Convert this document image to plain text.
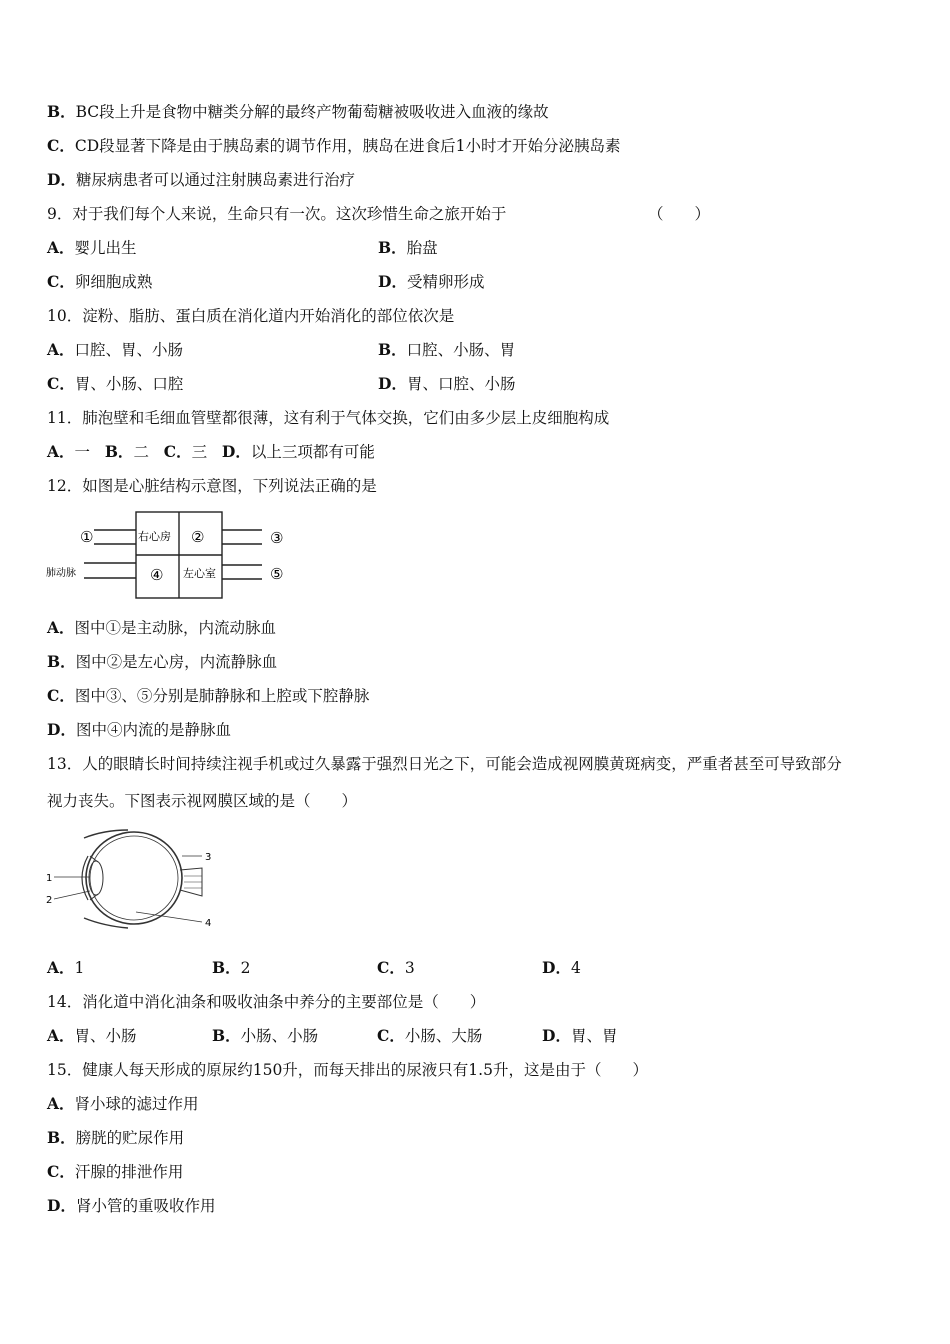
B．BC段上升是食物中糖类分解的最终产物葡萄糖被吸收进入血液的缘故
C．CD段显著下降是由于胰岛素的调节作用，胰岛在进食后1小时才开始分泌胰岛素
D．糖尿病患者可以通过注射胰岛素进行治疗
9．对于我们每个人来说，生命只有一次。这次珍惜生命之旅开始于	（　　）
A．婴儿出生	B．胎盘
C．卵细胞成熟	D．受精卵形成
10．淀粉、脂肪、蛋白质在消化道内开始消化的部位依次是
A．口腔、胃、小肠	B．口腔、小肠、胃
C．胃、小肠、口腔	D．胃、口腔、小肠
11．肺泡壁和毛细血管壁都很薄，这有利于气体交换，它们由多少层上皮细胞构成
A．一 B．二 C．三 D．以上三项都有可能
12．如图是心脏结构示意图，下列说法正确的是
①	②	③
④	⑤
右心房
左心室
肺动脉
A．图中①是主动脉，内流动脉血
B．图中②是左心房，内流静脉血
C．图中③、⑤分别是肺静脉和上腔或下腔静脉
D．图中④内流的是静脉血
13．人的眼睛长时间持续注视手机或过久暴露于强烈日光之下，可能会造成视网膜黄斑病变，严重者甚至可导致部分
视力丧失。下图表示视网膜区域的是（　　）
1
2
3
4
A．1	B．2	C．3	D．4
14．消化道中消化油条和吸收油条中养分的主要部位是（　　）
A．胃、小肠	B．小肠、小肠	C．小肠、大肠	D．胃、胃
15．健康人每天形成的原尿约150升，而每天排出的尿液只有1.5升，这是由于（　　）
A．肾小球的滤过作用
B．膀胱的贮尿作用
C．汗腺的排泄作用
D．肾小管的重吸收作用
